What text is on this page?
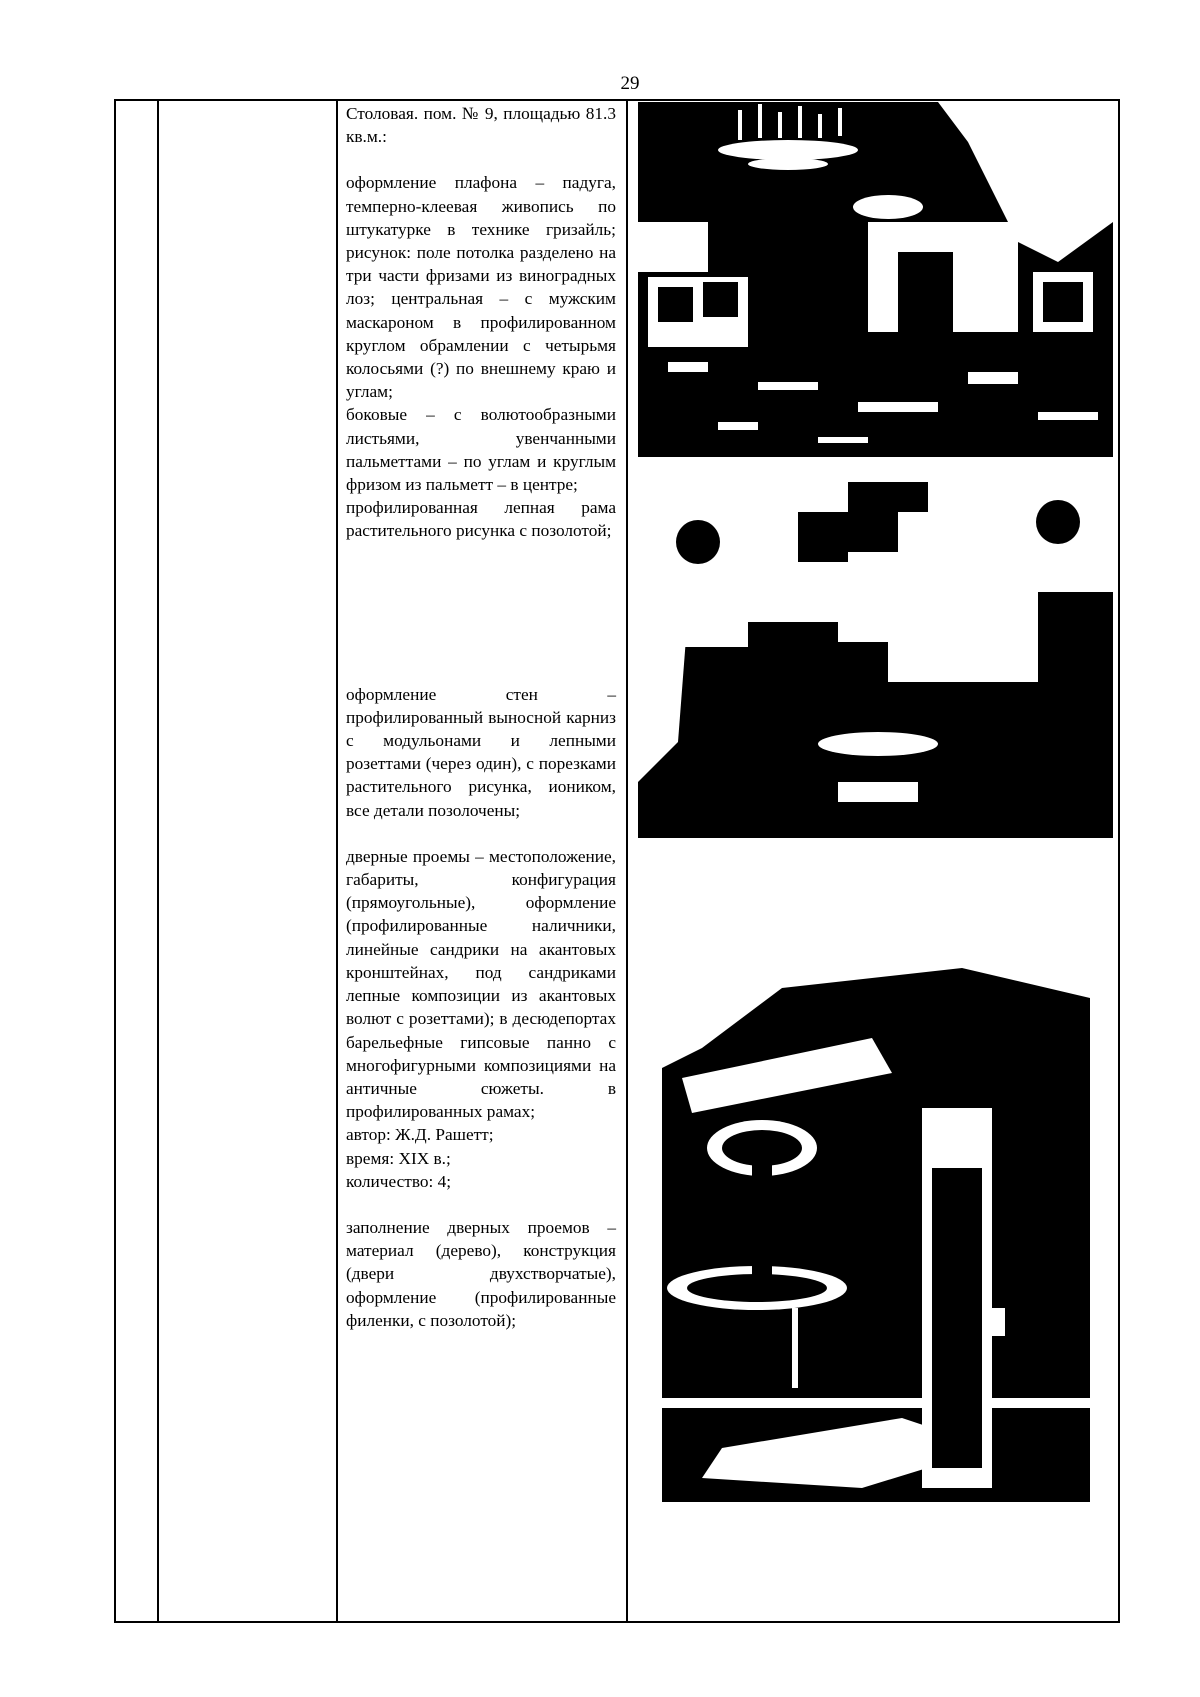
29

Столовая. пом. № 9, площадью 81.3 кв.м.:

оформление плафона – падуга, темперно-клеевая живопись по штукатурке в технике гризайль; рисунок: поле потолка разделено на три части фризами из виноградных лоз; центральная – с мужским маскароном в профилированном круглом обрамлении с четырьмя колосьями (?) по внешнему краю и углам;

боковые – с волютообразными листьями, увенчанными пальметтами – по углам и круглым фризом из пальметт – в центре;

профилированная лепная рама растительного рисунка с позолотой;

оформление стен – профилированный выносной карниз с модульонами и лепными розеттами (через один), с порезками растительного рисунка, иоником, все детали позолочены;

дверные проемы – местоположение, габариты, конфигурация (прямоугольные), оформление (профилированные наличники, линейные сандрики на акантовых кронштейнах, под сандриками лепные композиции из акантовых волют с розеттами); в десюдепортах барельефные гипсовые панно с многофигурными композициями на античные сюжеты. в профилированных рамах;

автор: Ж.Д. Рашетт;

время: XIX в.;

количество: 4;

заполнение дверных проемов – материал (дерево), конструкция (двери двухстворчатые), оформление (профилированные филенки, с позолотой);
